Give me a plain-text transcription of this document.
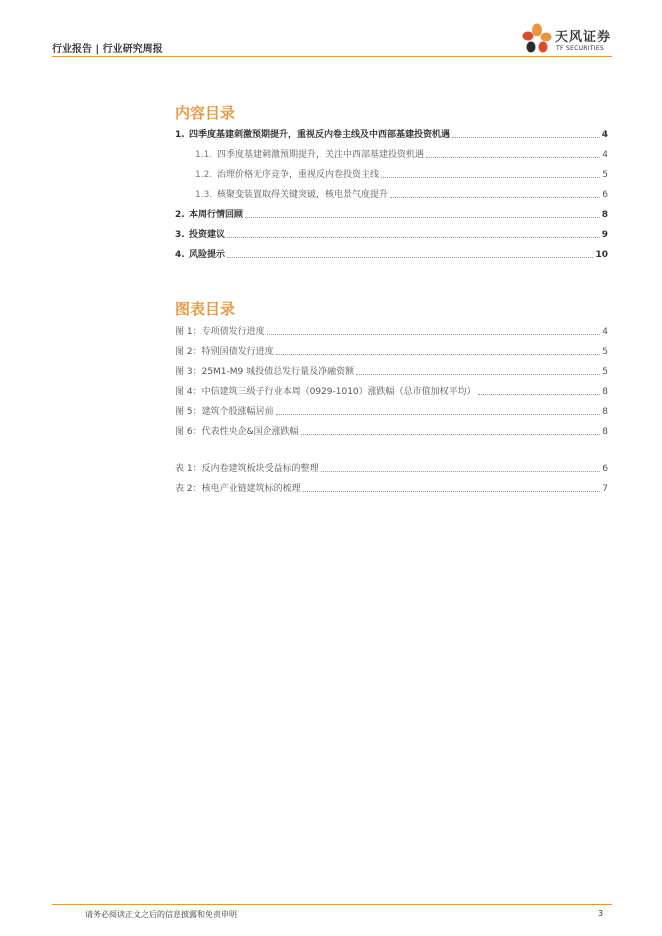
行业报告 | 行业研究周报
天风证券
TF SECURITIES
内容目录
1. 四季度基建刺激预期提升，重视反内卷主线及中西部基建投资机遇	4
1.1. 四季度基建刺激预期提升，关注中西部基建投资机遇	4
1.2. 治理价格无序竞争，重视反内卷投资主线	5
1.3. 核聚变装置取得关键突破，核电景气度提升	6
2. 本周行情回顾	8
3. 投资建议	9
4. 风险提示	10
图表目录
图 1：专项债发行进度	4
图 2：特别国债发行进度	5
图 3：25M1-M9 城投债总发行量及净融资额	5
图 4：中信建筑三级子行业本周（0929-1010）涨跌幅（总市值加权平均）	8
图 5：建筑个股涨幅居前	8
图 6：代表性央企&国企涨跌幅	8
表 1：反内卷建筑板块受益标的整理	6
表 2：核电产业链建筑标的梳理	7
请务必阅读正文之后的信息披露和免责申明	3
